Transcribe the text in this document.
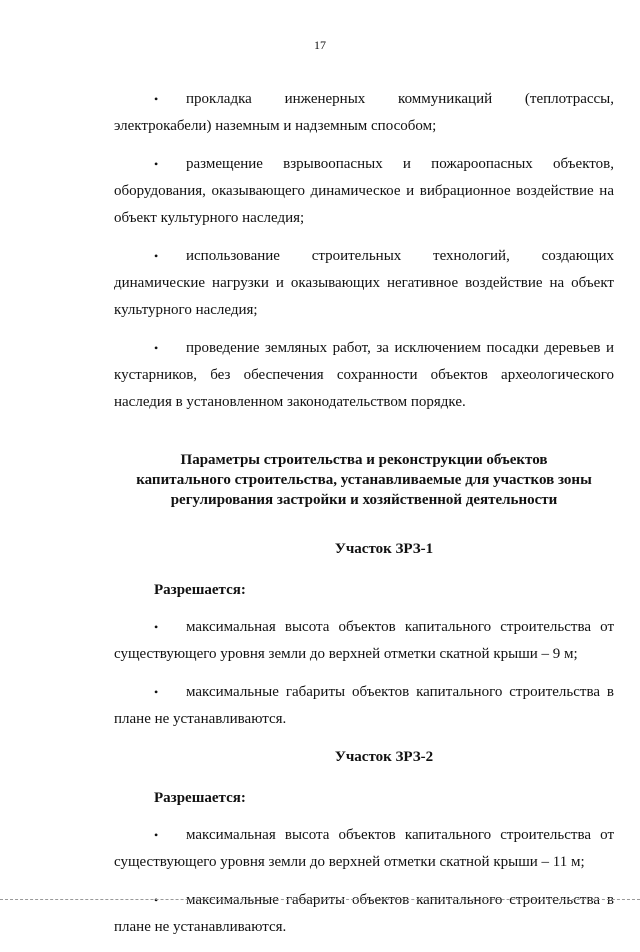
17

•	прокладка инженерных коммуникаций (теплотрассы, электрокабели) наземным и надземным способом;

•	размещение взрывоопасных и пожароопасных объектов, оборудования, оказывающего динамическое и вибрационное воздействие на объект культурного наследия;

•	использование строительных технологий, создающих динамические нагрузки и оказывающих негативное воздействие на объект культурного наследия;

•	проведение земляных работ, за исключением посадки деревьев и кустарников, без обеспечения сохранности объектов археологического наследия в установленном законодательством порядке.

Параметры строительства и реконструкции объектов
капитального строительства, устанавливаемые для участков зоны
регулирования застройки и хозяйственной деятельности
Участок ЗРЗ-1
Разрешается:

•	максимальная высота объектов капитального строительства от существующего уровня земли до верхней отметки скатной крыши – 9 м;

•	максимальные габариты объектов капитального строительства в плане не устанавливаются.

Участок ЗРЗ-2
Разрешается:

•	максимальная высота объектов капитального строительства от существующего уровня земли до верхней отметки скатной крыши – 11 м;

•	максимальные габариты объектов капитального строительства в плане не устанавливаются.
